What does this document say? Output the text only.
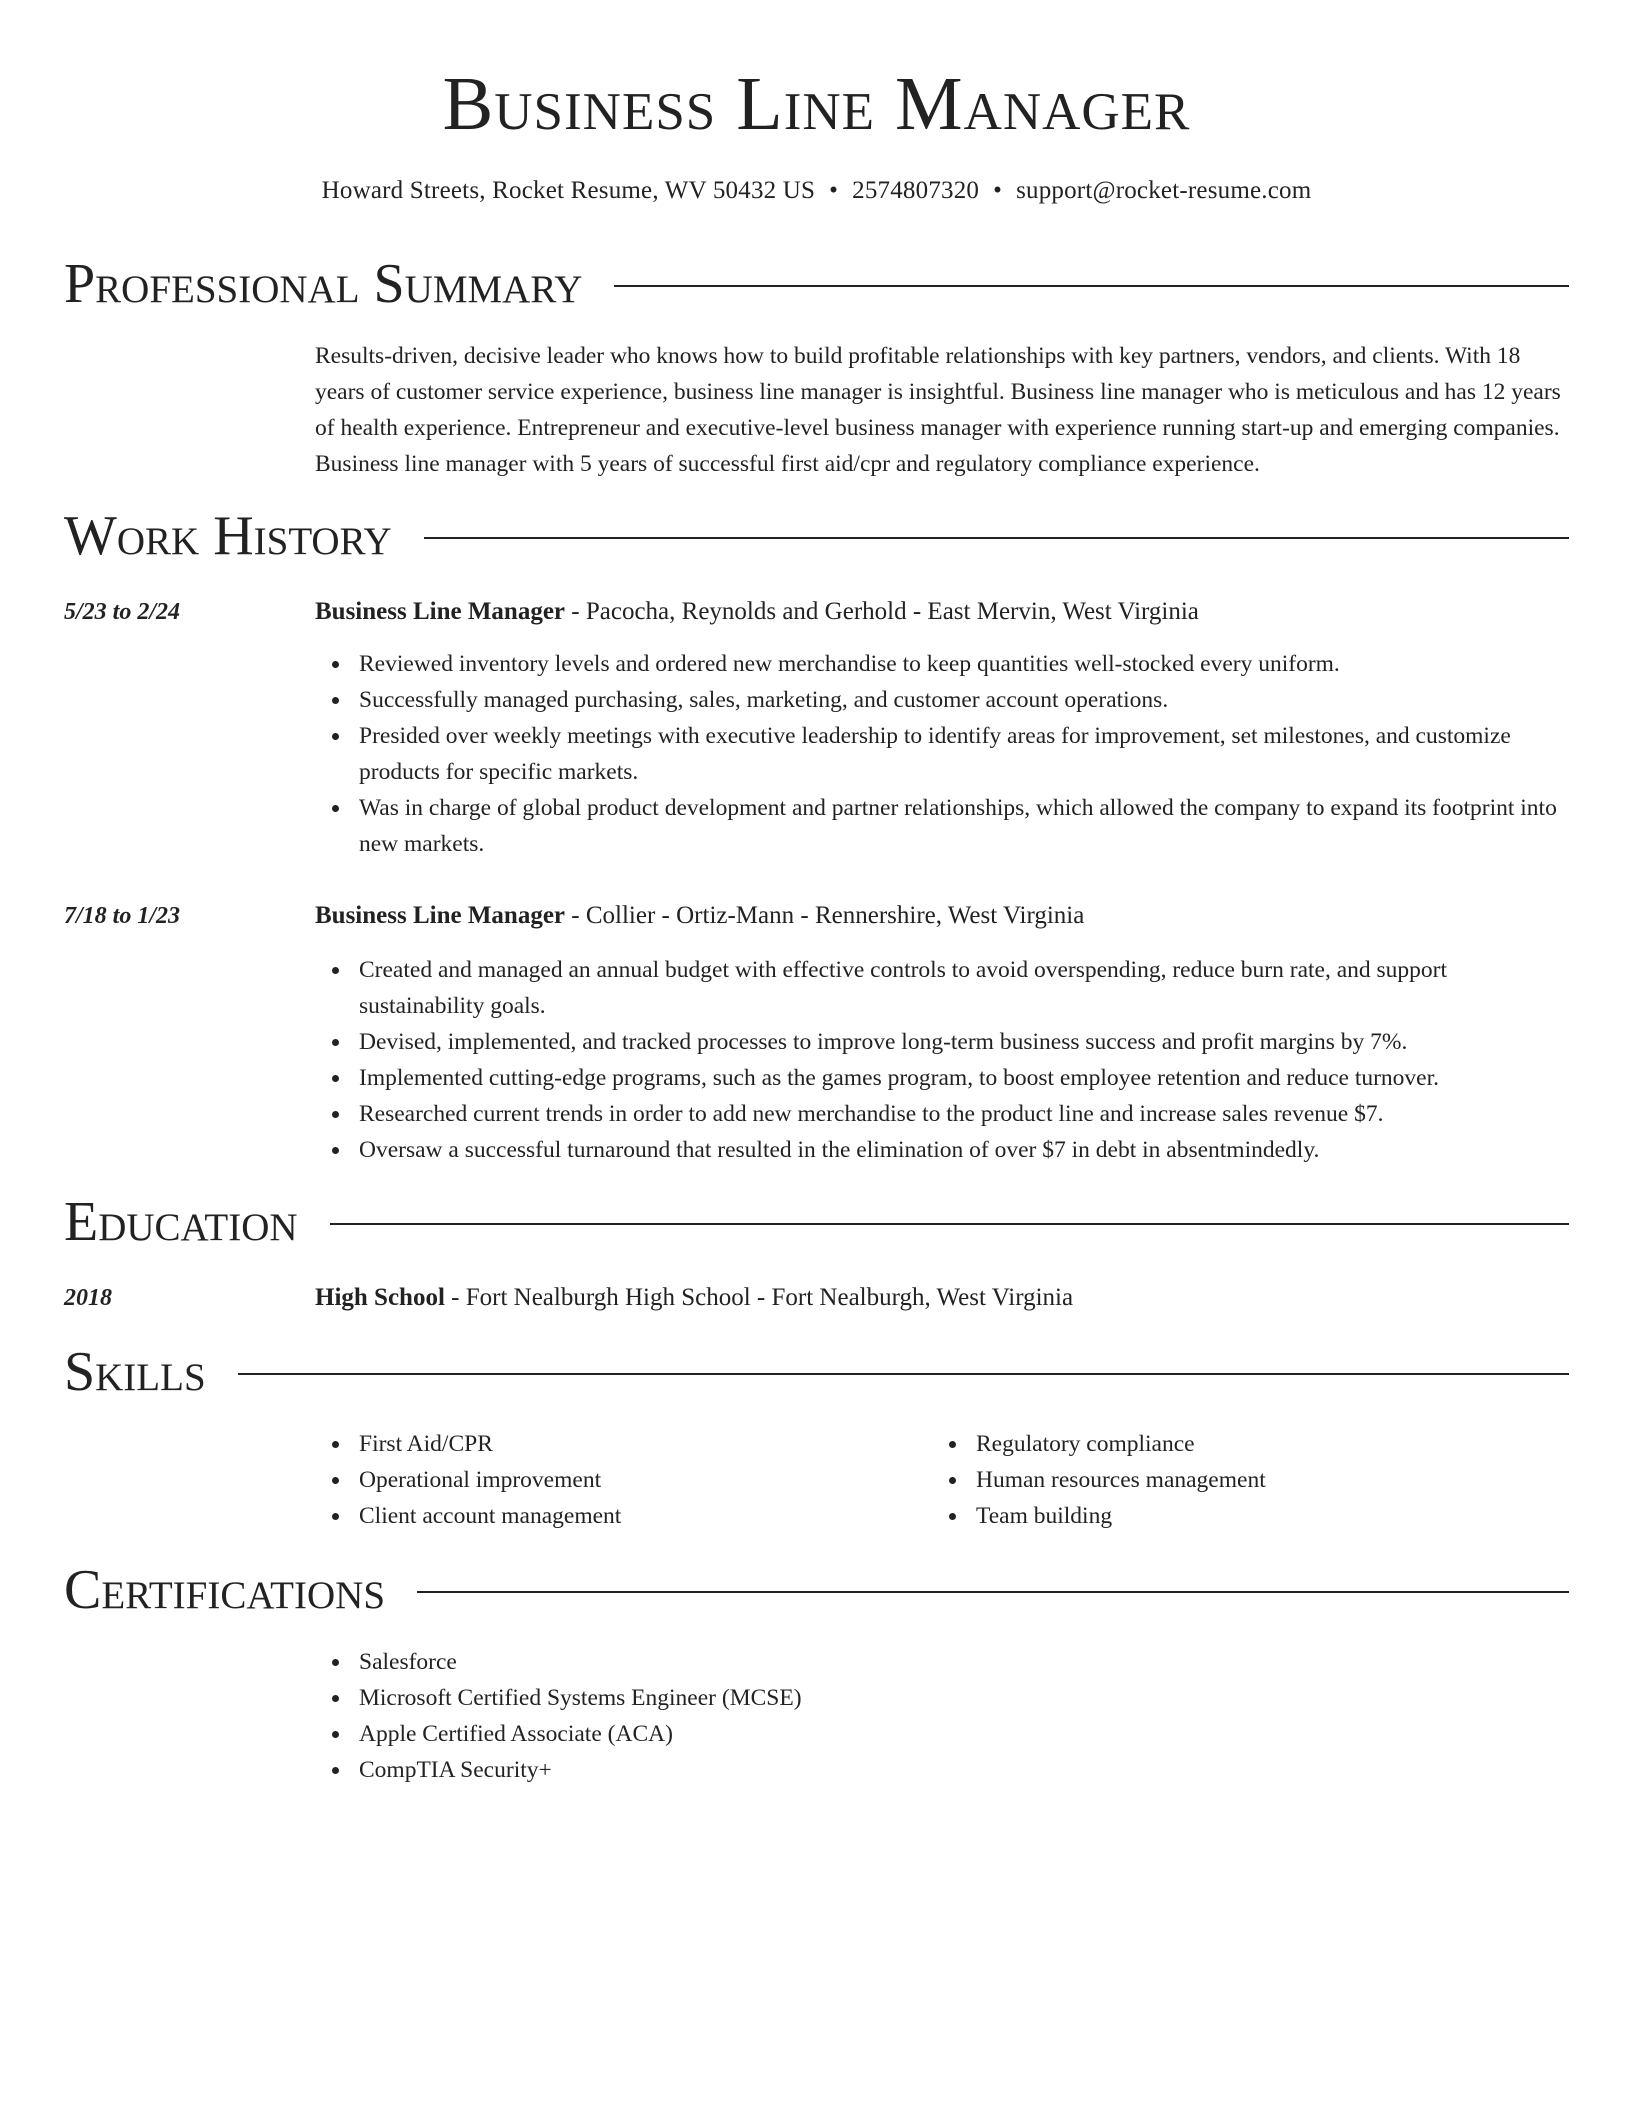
Business Line Manager
Howard Streets, Rocket Resume, WV 50432 US • 2574807320 • support@rocket-resume.com
Professional Summary

Results-driven, decisive leader who knows how to build profitable relationships with key partners, vendors, and clients. With 18 years of customer service experience, business line manager is insightful. Business line manager who is meticulous and has 12 years of health experience. Entrepreneur and executive-level business manager with experience running start-up and emerging companies. Business line manager with 5 years of successful first aid/cpr and regulatory compliance experience.

Work History
5/23 to 2/24	Business Line Manager - Pacocha, Reynolds and Gerhold - East Mervin, West Virginia
Reviewed inventory levels and ordered new merchandise to keep quantities well-stocked every uniform.
Successfully managed purchasing, sales, marketing, and customer account operations.
Presided over weekly meetings with executive leadership to identify areas for improvement, set milestones, and customize products for specific markets.
Was in charge of global product development and partner relationships, which allowed the company to expand its footprint into new markets.
7/18 to 1/23	Business Line Manager - Collier - Ortiz-Mann - Rennershire, West Virginia
Created and managed an annual budget with effective controls to avoid overspending, reduce burn rate, and support sustainability goals.
Devised, implemented, and tracked processes to improve long-term business success and profit margins by 7%.
Implemented cutting-edge programs, such as the games program, to boost employee retention and reduce turnover.
Researched current trends in order to add new merchandise to the product line and increase sales revenue $7.
Oversaw a successful turnaround that resulted in the elimination of over $7 in debt in absentmindedly.
Education
2018	High School - Fort Nealburgh High School - Fort Nealburgh, West Virginia
Skills
First Aid/CPR
Operational improvement
Client account management
Regulatory compliance
Human resources management
Team building
Certifications
Salesforce
Microsoft Certified Systems Engineer (MCSE)
Apple Certified Associate (ACA)
CompTIA Security+
